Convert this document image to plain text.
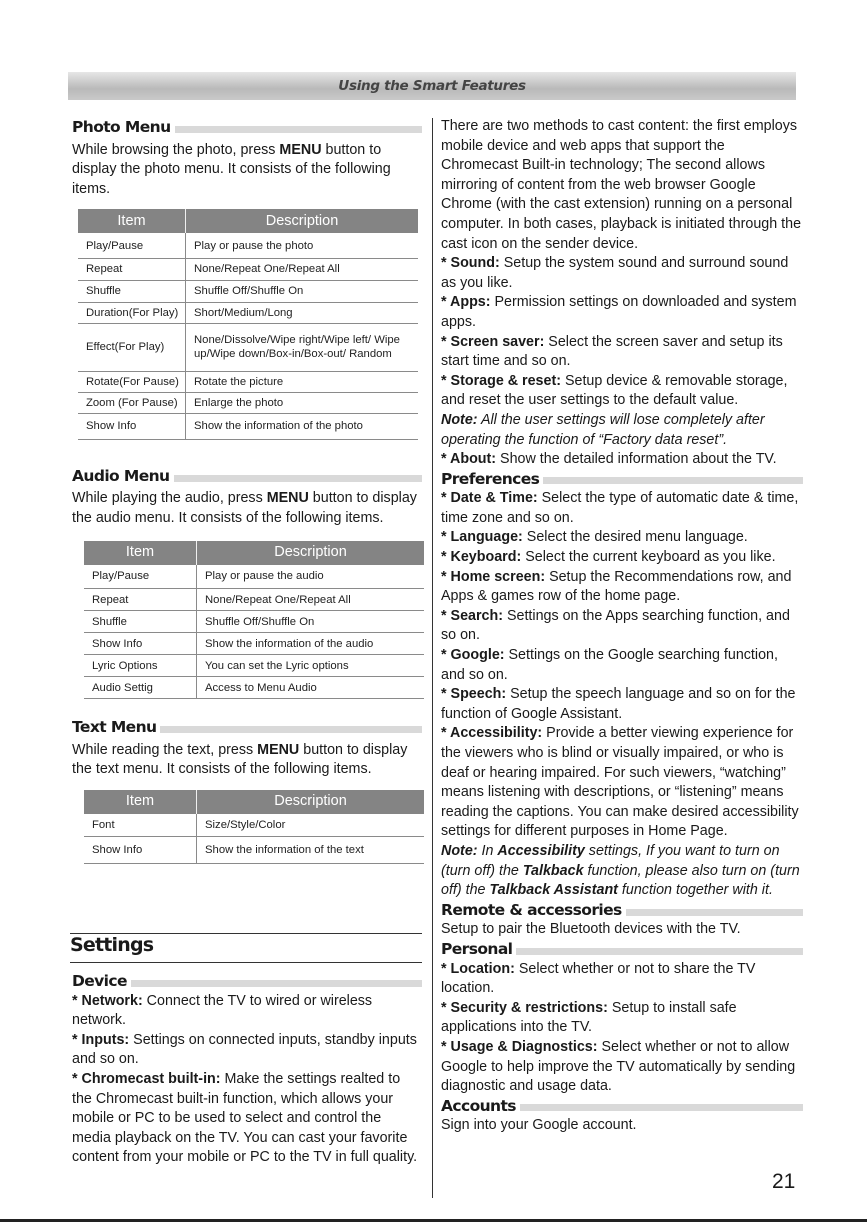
Using the Smart Features
Photo Menu

While browsing the photo, press MENU button to display the photo menu. It consists of the following items.

Item	Description
Play/Pause	Play or pause the photo
Repeat	None/Repeat One/Repeat All
Shuffle	Shuffle Off/Shuffle On
Duration(For Play)	Short/Medium/Long
Effect(For Play)	None/Dissolve/Wipe right/Wipe left/ Wipe up/Wipe down/Box-in/Box-out/ Random
Rotate(For Pause)	Rotate the picture
Zoom (For Pause)	Enlarge the photo
Show Info	Show the information of the photo
Audio Menu

While playing the audio, press MENU button to display the audio menu. It consists of the following items.

Item	Description
Play/Pause	Play or pause the audio
Repeat	None/Repeat One/Repeat All
Shuffle	Shuffle Off/Shuffle On
Show Info	Show the information of the audio
Lyric Options	You can set the Lyric options
Audio Settig	Access to Menu Audio
Text Menu

While reading the text, press MENU button to display the text menu. It consists of the following items.

Item	Description
Font	Size/Style/Color
Show Info	Show the information of the text
Settings
Device

* Network: Connect the TV to wired or wireless network.

* Inputs: Settings on connected inputs, standby inputs and so on.

* Chromecast built-in: Make the settings realted to the Chromecast built-in function, which allows your mobile or PC to be used to select and control the media playback on the TV. You can cast your favorite content from your mobile or PC to the TV in full quality.

There are two methods to cast content: the first employs mobile device and web apps that support the Chromecast Built-in technology; The second allows mirroring of content from the web browser Google Chrome (with the cast extension) running on a personal computer. In both cases, playback is initiated through the cast icon on the sender device.

* Sound: Setup the system sound and surround sound as you like.

* Apps: Permission settings on downloaded and system apps.

* Screen saver: Select the screen saver and setup its start time and so on.

* Storage & reset: Setup device & removable storage, and reset the user settings to the default value.

Note: All the user settings will lose completely after operating the function of “Factory data reset”.

* About: Show the detailed information about the TV.

Preferences

* Date & Time: Select the type of automatic date & time, time zone and so on.

* Language: Select the desired menu language.

* Keyboard: Select the current keyboard as you like.

* Home screen: Setup the Recommendations row, and Apps & games row of the home page.

* Search: Settings on the Apps searching function, and so on.

* Google: Settings on the Google searching function, and so on.

* Speech: Setup the speech language and so on for the function of Google Assistant.

* Accessibility: Provide a better viewing experience for the viewers who is blind or visually impaired, or who is deaf or hearing impaired. For such viewers, “watching” means listening with descriptions, or “listening” means reading the captions. You can make desired accessibility settings for different purposes in Home Page.

Note: In Accessibility settings, If you want to turn on (turn off) the Talkback function, please also turn on (turn off) the Talkback Assistant function together with it.

Remote & accessories

Setup to pair the Bluetooth devices with the TV.

Personal

* Location: Select whether or not to share the TV location.

* Security & restrictions: Setup to install safe applications into the TV.

* Usage & Diagnostics: Select whether or not to allow Google to help improve the TV automatically by sending diagnostic and usage data.

Accounts

Sign into your Google account.

21
